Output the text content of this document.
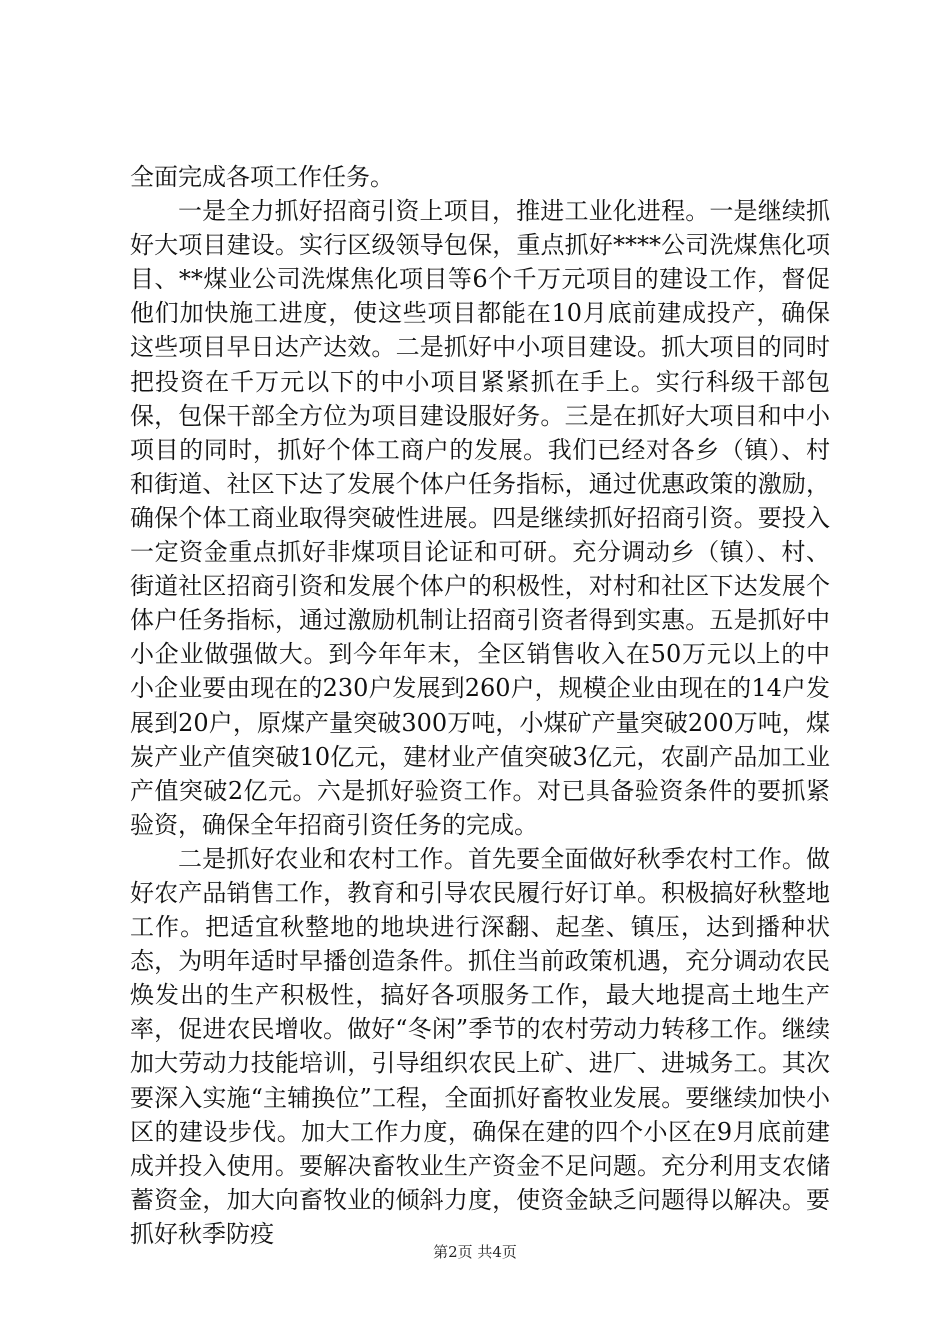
全面完成各项工作任务。

一是全力抓好招商引资上项目，推进工业化进程。一是继续抓好大项目建设。实行区级领导包保，重点抓好****公司洗煤焦化项目、**煤业公司洗煤焦化项目等6个千万元项目的建设工作，督促他们加快施工进度，使这些项目都能在10月底前建成投产，确保这些项目早日达产达效。二是抓好中小项目建设。抓大项目的同时把投资在千万元以下的中小项目紧紧抓在手上。实行科级干部包保，包保干部全方位为项目建设服好务。三是在抓好大项目和中小项目的同时，抓好个体工商户的发展。我们已经对各乡（镇）、村和街道、社区下达了发展个体户任务指标，通过优惠政策的激励，确保个体工商业取得突破性进展。四是继续抓好招商引资。要投入一定资金重点抓好非煤项目论证和可研。充分调动乡（镇）、村、街道社区招商引资和发展个体户的积极性，对村和社区下达发展个体户任务指标，通过激励机制让招商引资者得到实惠。五是抓好中小企业做强做大。到今年年末，全区销售收入在50万元以上的中小企业要由现在的230户发展到260户，规模企业由现在的14户发展到20户，原煤产量突破300万吨，小煤矿产量突破200万吨，煤炭产业产值突破10亿元，建材业产值突破3亿元，农副产品加工业产值突破2亿元。六是抓好验资工作。对已具备验资条件的要抓紧验资，确保全年招商引资任务的完成。

二是抓好农业和农村工作。首先要全面做好秋季农村工作。做好农产品销售工作，教育和引导农民履行好订单。积极搞好秋整地工作。把适宜秋整地的地块进行深翻、起垄、镇压，达到播种状态，为明年适时早播创造条件。抓住当前政策机遇，充分调动农民焕发出的生产积极性，搞好各项服务工作，最大地提高土地生产率，促进农民增收。做好“冬闲”季节的农村劳动力转移工作。继续加大劳动力技能培训，引导组织农民上矿、进厂、进城务工。其次要深入实施“主辅换位”工程，全面抓好畜牧业发展。要继续加快小区的建设步伐。加大工作力度，确保在建的四个小区在9月底前建成并投入使用。要解决畜牧业生产资金不足问题。充分利用支农储蓄资金，加大向畜牧业的倾斜力度，使资金缺乏问题得以解决。要抓好秋季防疫

第2页 共4页
